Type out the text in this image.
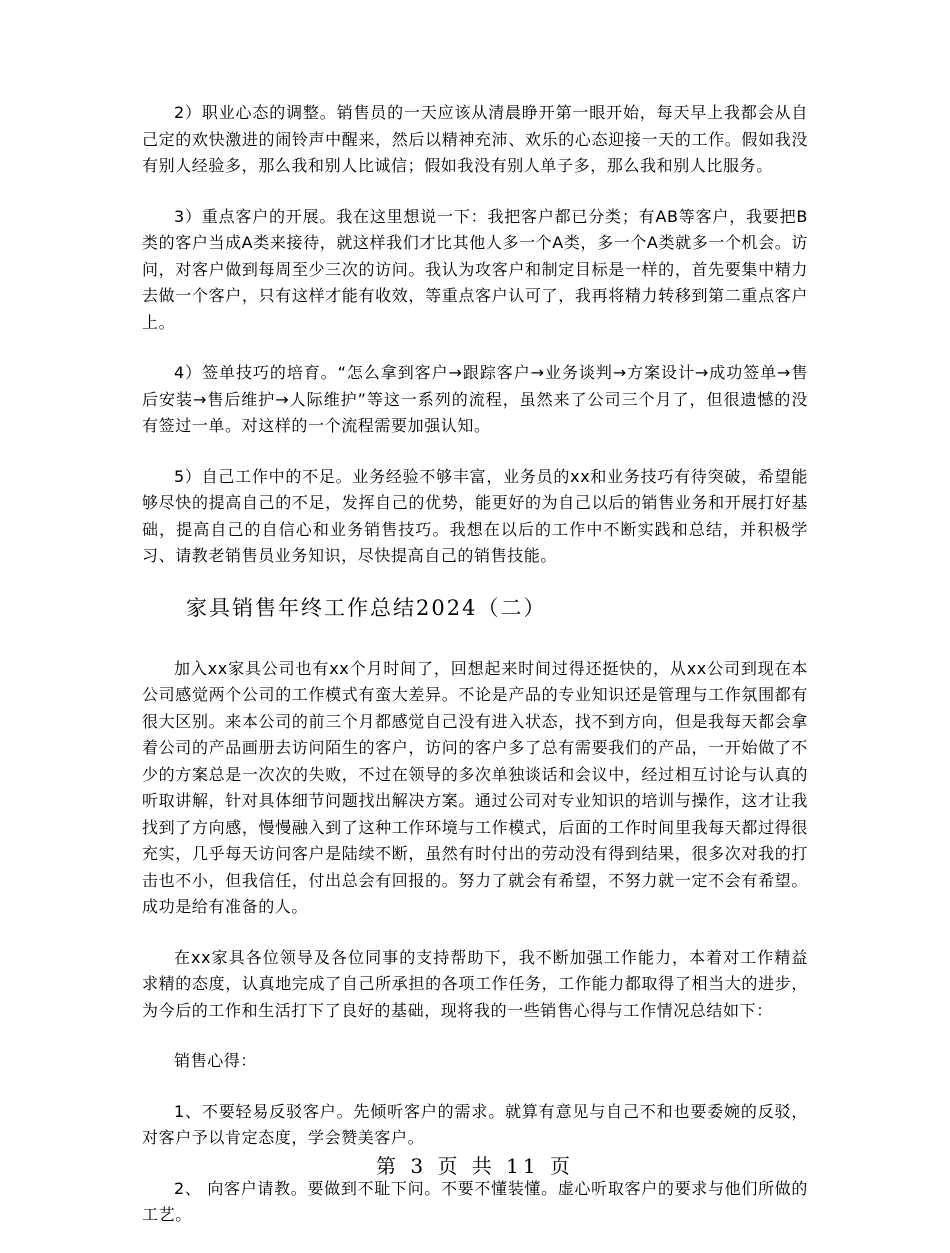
2）职业心态的调整。销售员的一天应该从清晨睁开第一眼开始，每天早上我都会从自己定的欢快激进的闹铃声中醒来，然后以精神充沛、欢乐的心态迎接一天的工作。假如我没有别人经验多，那么我和别人比诚信；假如我没有别人单子多，那么我和别人比服务。

3）重点客户的开展。我在这里想说一下：我把客户都已分类；有AB等客户，我要把B类的客户当成A类来接待，就这样我们才比其他人多一个A类，多一个A类就多一个机会。访问，对客户做到每周至少三次的访问。我认为攻客户和制定目标是一样的，首先要集中精力去做一个客户，只有这样才能有收效，等重点客户认可了，我再将精力转移到第二重点客户上。

4）签单技巧的培育。“怎么拿到客户→跟踪客户→业务谈判→方案设计→成功签单→售后安装→售后维护→人际维护”等这一系列的流程，虽然来了公司三个月了，但很遗憾的没有签过一单。对这样的一个流程需要加强认知。

5）自己工作中的不足。业务经验不够丰富，业务员的xx和业务技巧有待突破，希望能够尽快的提高自己的不足，发挥自己的优势，能更好的为自己以后的销售业务和开展打好基础，提高自己的自信心和业务销售技巧。我想在以后的工作中不断实践和总结，并积极学习、请教老销售员业务知识，尽快提高自己的销售技能。

家具销售年终工作总结2024（二）

加入xx家具公司也有xx个月时间了，回想起来时间过得还挺快的，从xx公司到现在本公司感觉两个公司的工作模式有蛮大差异。不论是产品的专业知识还是管理与工作氛围都有很大区别。来本公司的前三个月都感觉自己没有进入状态，找不到方向，但是我每天都会拿着公司的产品画册去访问陌生的客户，访问的客户多了总有需要我们的产品，一开始做了不少的方案总是一次次的失败，不过在领导的多次单独谈话和会议中，经过相互讨论与认真的听取讲解，针对具体细节问题找出解决方案。通过公司对专业知识的培训与操作，这才让我找到了方向感，慢慢融入到了这种工作环境与工作模式，后面的工作时间里我每天都过得很充实，几乎每天访问客户是陆续不断，虽然有时付出的劳动没有得到结果，很多次对我的打击也不小，但我信任，付出总会有回报的。努力了就会有希望，不努力就一定不会有希望。成功是给有准备的人。

在xx家具各位领导及各位同事的支持帮助下，我不断加强工作能力，本着对工作精益求精的态度，认真地完成了自己所承担的各项工作任务，工作能力都取得了相当大的进步，为今后的工作和生活打下了良好的基础，现将我的一些销售心得与工作情况总结如下：

销售心得：

1、不要轻易反驳客户。先倾听客户的需求。就算有意见与自己不和也要委婉的反驳，对客户予以肯定态度，学会赞美客户。

2、 向客户请教。要做到不耻下问。不要不懂装懂。虚心听取客户的要求与他们所做的工艺。

第 3 页 共 11 页
